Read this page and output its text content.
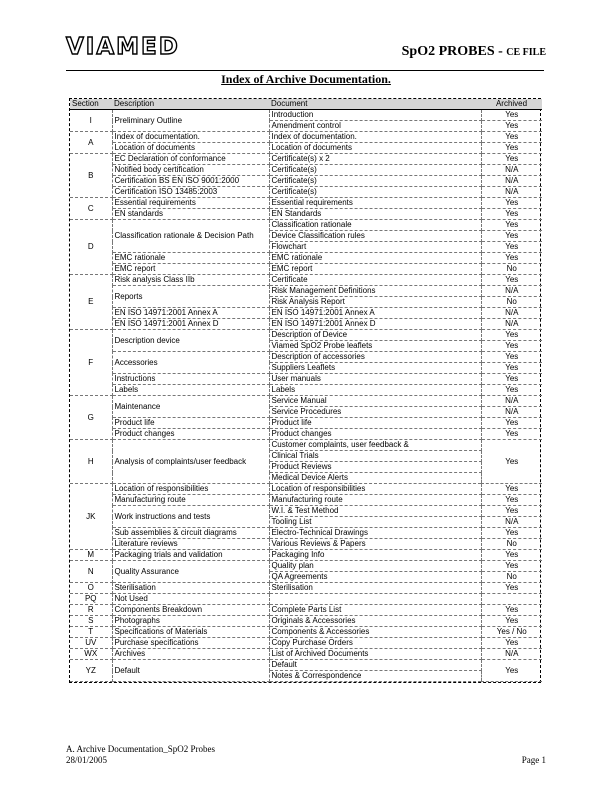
VIAMED	SpO2 PROBES - CE FILE
Index of Archive Documentation.
Section	Description	Document	Archived
I	Preliminary Outline	Introduction	Yes
		Amendment control	Yes
A	Index of documentation.	Index of documentation.	Yes
	Location of documents	Location of documents	Yes
B	EC Declaration of conformance	Certificate(s) x 2	Yes
	Notified body certification	Certificate(s)	N/A
	Certification BS EN ISO 9001:2000	Certificate(s)	N/A
	Certification ISO 13485:2003	Certificate(s)	N/A
C	Essential requirements	Essential requirements	Yes
	EN standards	EN Standards	Yes
D	Classification rationale & Decision Path	Classification rationale	Yes
		Device Classification rules	Yes
		Flowchart	Yes
	EMC rationale	EMC rationale	Yes
	EMC report	EMC report	No
E	Risk analysis Class IIb	Certificate	Yes
	Reports	Risk Management Definitions	N/A
		Risk Analysis Report	No
	EN ISO 14971:2001 Annex A	EN ISO 14971:2001 Annex A	N/A
	EN ISO 14971:2001 Annex D	EN ISO 14971:2001 Annex D	N/A
F	Description device	Description of Device	Yes
		Viamed SpO2 Probe leaflets	Yes
	Accessories	Description of accessories	Yes
		Suppliers Leaflets	Yes
	Instructions	User manuals	Yes
	Labels	Labels	Yes
G	Maintenance	Service Manual	N/A
		Service Procedures	N/A
	Product life	Product life	Yes
	Product changes	Product changes	Yes
H	Analysis of complaints/user feedback	Customer complaints, user feedback &	Yes
		Clinical Trials	
		Product Reviews	
		Medical Device Alerts	
JK	Location of responsibilities	Location of responsibilities	Yes
	Manufacturing route	Manufacturing route	Yes
	Work instructions and tests	W.I. & Test Method	Yes
		Tooling List	N/A
	Sub assemblies & circuit diagrams	Electro-Technical Drawings	Yes
	Literature reviews	Various Reviews & Papers	No
M	Packaging trials and validation	Packaging Info	Yes
N	Quality Assurance	Quality plan	Yes
		QA Agreements	No
O	Sterilisation	Sterilisation	Yes
PQ	Not Used		
R	Components Breakdown	Complete Parts List	Yes
S	Photographs	Originals & Accessories	Yes
T	Specifications of Materials	Components & Accessories	Yes / No
UV	Purchase specifications	Copy Purchase Orders	Yes
WX	Archives	List of Archived Documents	N/A
YZ	Default	Default	Yes
		Notes & Correspondence	
A. Archive Documentation_SpO2 Probes
28/01/2005	Page 1
